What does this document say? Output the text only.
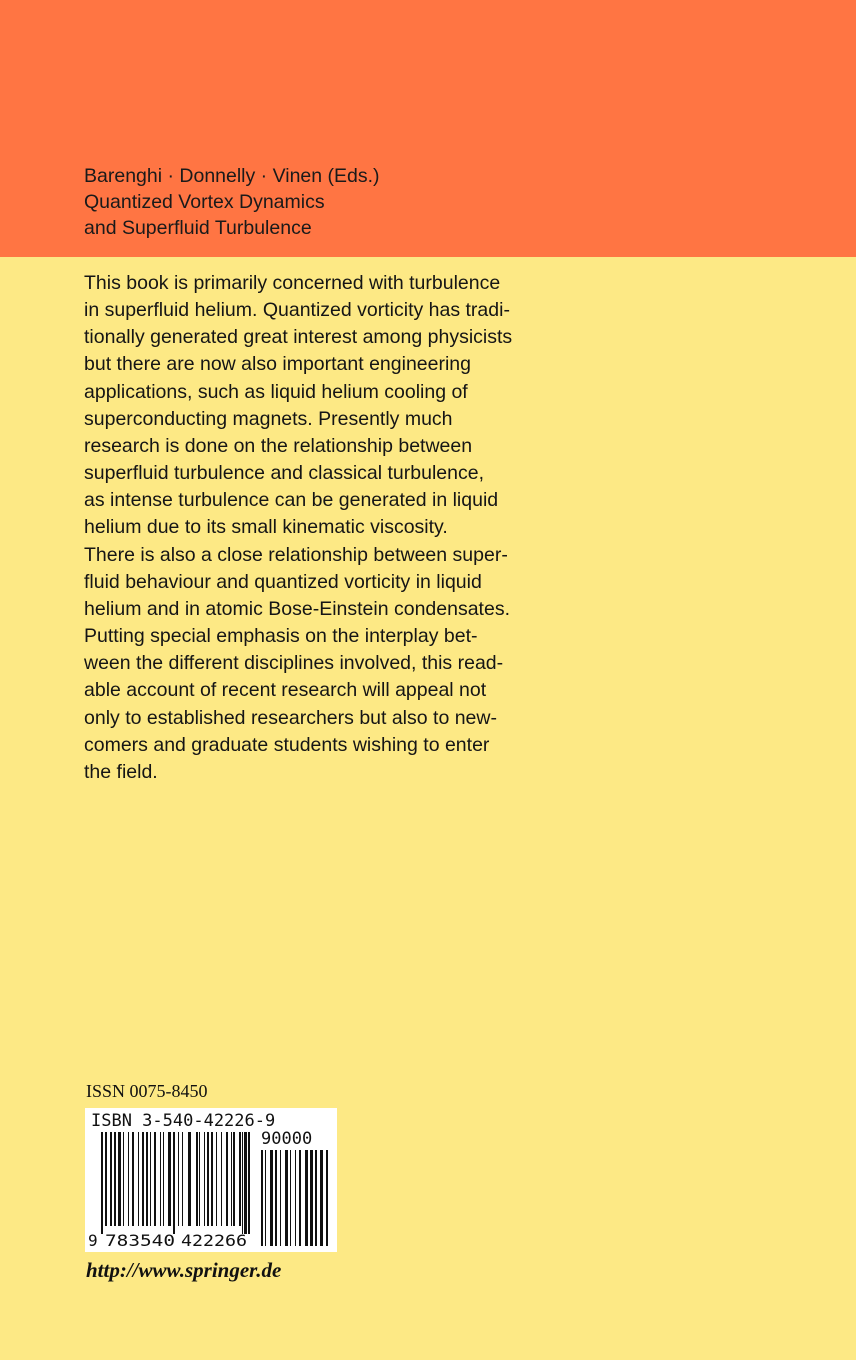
Barenghi · Donnelly · Vinen (Eds.)
Quantized Vortex Dynamics
and Superfluid Turbulence
This book is primarily concerned with turbulence
in superfluid helium. Quantized vorticity has tradi-
tionally generated great interest among physicists
but there are now also important engineering
applications, such as liquid helium cooling of
superconducting magnets. Presently much
research is done on the relationship between
superfluid turbulence and classical turbulence,
as intense turbulence can be generated in liquid
helium due to its small kinematic viscosity.
There is also a close relationship between super-
fluid behaviour and quantized vorticity in liquid
helium and in atomic Bose-Einstein condensates.
Putting special emphasis on the interplay bet-
ween the different disciplines involved, this read-
able account of recent research will appeal not
only to established researchers but also to new-
comers and graduate students wishing to enter
the field.
ISSN 0075-8450
ISBN 3-540-42226-9
90000
9 783540 422266
http://www.springer.de
